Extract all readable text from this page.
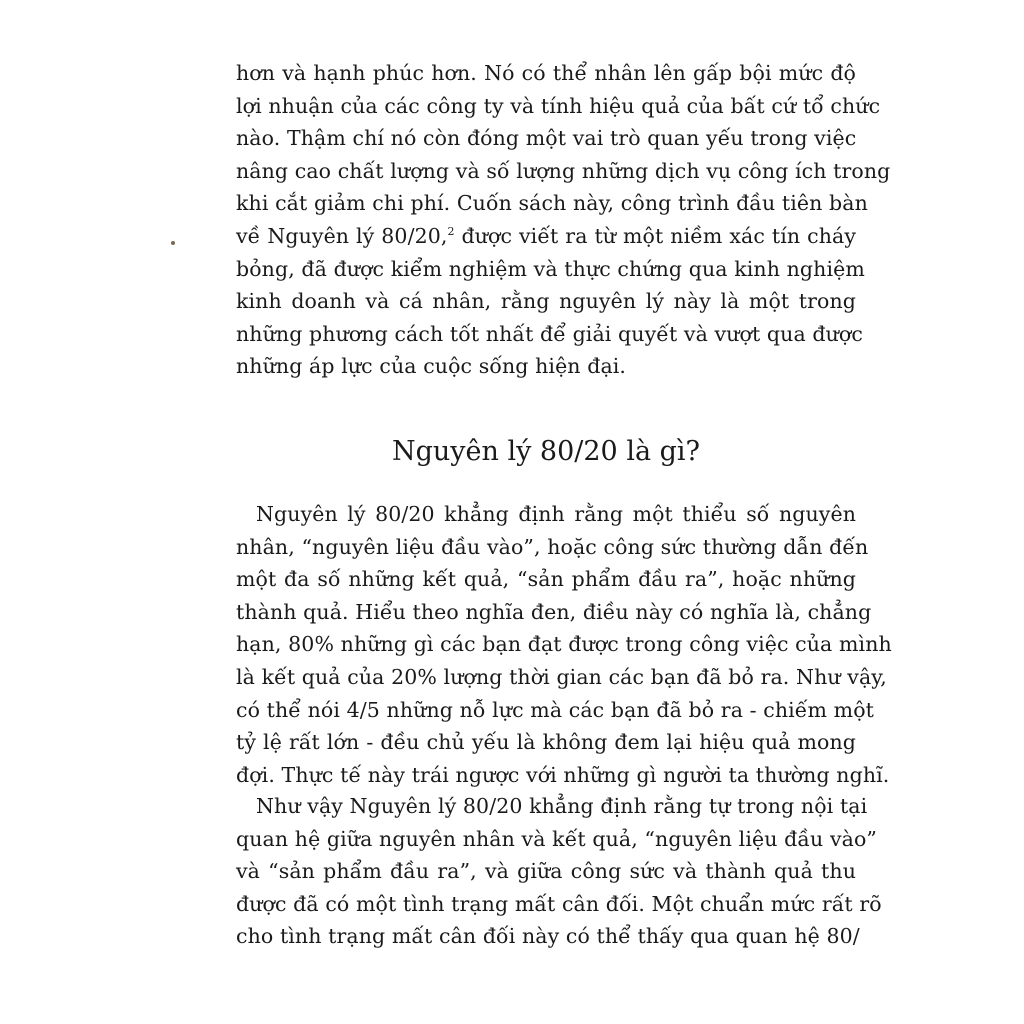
hơn và hạnh phúc hơn. Nó có thể nhân lên gấp bội mức độ
lợi nhuận của các công ty và tính hiệu quả của bất cứ tổ chức
nào. Thậm chí nó còn đóng một vai trò quan yếu trong việc
nâng cao chất lượng và số lượng những dịch vụ công ích trong
khi cắt giảm chi phí. Cuốn sách này, công trình đầu tiên bàn
về Nguyên lý 80/20,$^2$ được viết ra từ một niềm xác tín cháy
bỏng, đã được kiểm nghiệm và thực chứng qua kinh nghiệm
kinh doanh và cá nhân, rằng nguyên lý này là một trong
những phương cách tốt nhất để giải quyết và vượt qua được
những áp lực của cuộc sống hiện đại.
Nguyên lý 80/20 là gì?
Nguyên lý 80/20 khẳng định rằng một thiểu số nguyên
nhân, “nguyên liệu đầu vào”, hoặc công sức thường dẫn đến
một đa số những kết quả, “sản phẩm đầu ra”, hoặc những
thành quả. Hiểu theo nghĩa đen, điều này có nghĩa là, chẳng
hạn, 80% những gì các bạn đạt được trong công việc của mình
là kết quả của 20% lượng thời gian các bạn đã bỏ ra. Như vậy,
có thể nói 4/5 những nỗ lực mà các bạn đã bỏ ra - chiếm một
tỷ lệ rất lớn - đều chủ yếu là không đem lại hiệu quả mong
đợi. Thực tế này trái ngược với những gì người ta thường nghĩ.
Như vậy Nguyên lý 80/20 khẳng định rằng tự trong nội tại
quan hệ giữa nguyên nhân và kết quả, “nguyên liệu đầu vào”
và “sản phẩm đầu ra”, và giữa công sức và thành quả thu
được đã có một tình trạng mất cân đối. Một chuẩn mức rất rõ
cho tình trạng mất cân đối này có thể thấy qua quan hệ 80/
